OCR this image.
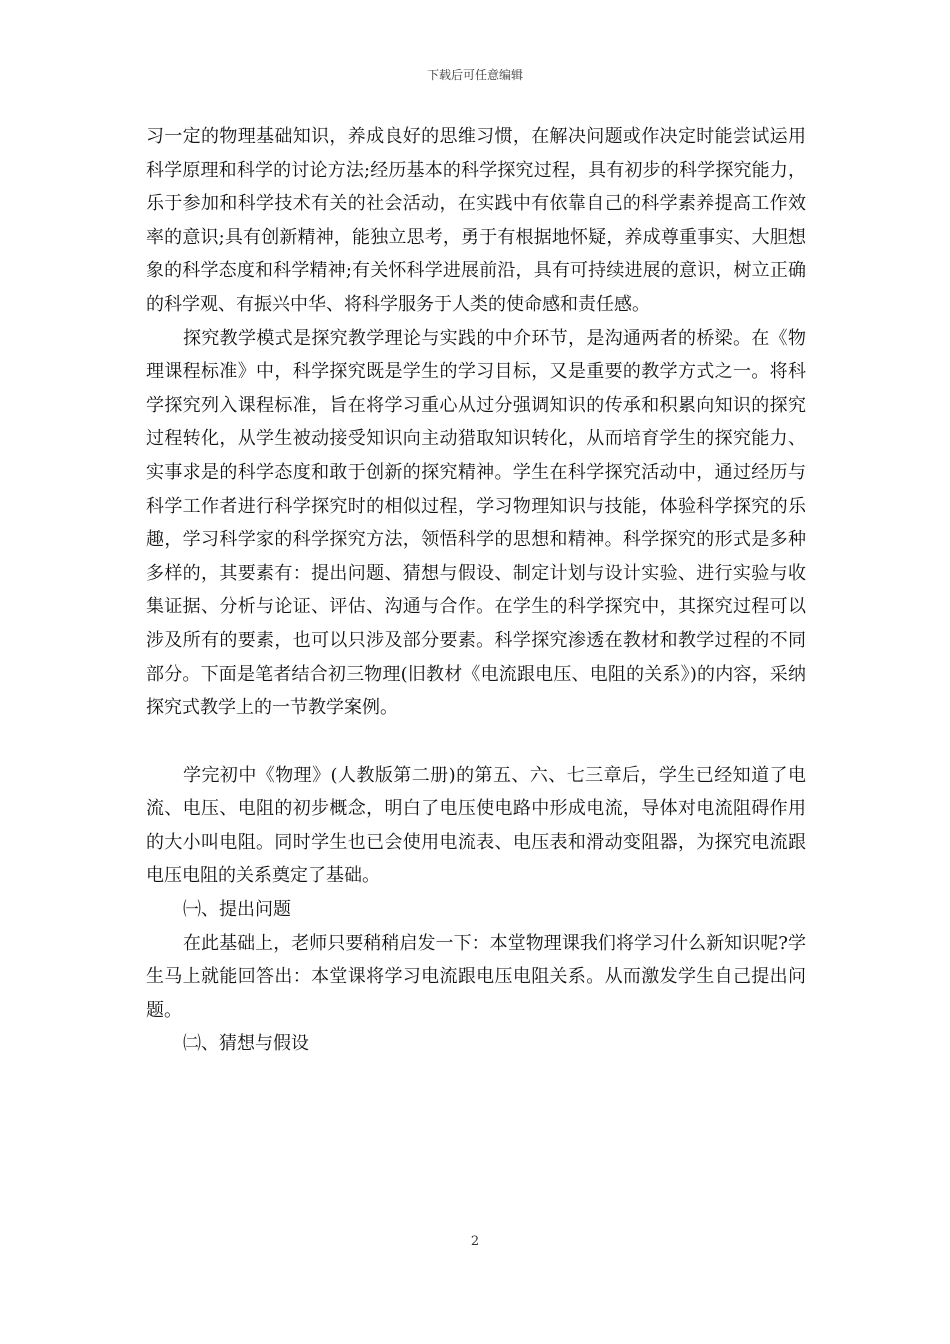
下载后可任意编辑

习一定的物理基础知识，养成良好的思维习惯，在解决问题或作决定时能尝试运用科学原理和科学的讨论方法;经历基本的科学探究过程，具有初步的科学探究能力，乐于参加和科学技术有关的社会活动，在实践中有依靠自己的科学素养提高工作效率的意识;具有创新精神，能独立思考，勇于有根据地怀疑，养成尊重事实、大胆想象的科学态度和科学精神;有关怀科学进展前沿，具有可持续进展的意识，树立正确的科学观、有振兴中华、将科学服务于人类的使命感和责任感。

探究教学模式是探究教学理论与实践的中介环节，是沟通两者的桥梁。在《物理课程标准》中，科学探究既是学生的学习目标，又是重要的教学方式之一。将科学探究列入课程标准，旨在将学习重心从过分强调知识的传承和积累向知识的探究过程转化，从学生被动接受知识向主动猎取知识转化，从而培育学生的探究能力、实事求是的科学态度和敢于创新的探究精神。学生在科学探究活动中，通过经历与科学工作者进行科学探究时的相似过程，学习物理知识与技能，体验科学探究的乐趣，学习科学家的科学探究方法，领悟科学的思想和精神。科学探究的形式是多种多样的，其要素有：提出问题、猜想与假设、制定计划与设计实验、进行实验与收集证据、分析与论证、评估、沟通与合作。在学生的科学探究中，其探究过程可以涉及所有的要素，也可以只涉及部分要素。科学探究渗透在教材和教学过程的不同部分。下面是笔者结合初三物理(旧教材《电流跟电压、电阻的关系》)的内容，采纳探究式教学上的一节教学案例。

学完初中《物理》(人教版第二册)的第五、六、七三章后，学生已经知道了电流、电压、电阻的初步概念，明白了电压使电路中形成电流，导体对电流阻碍作用的大小叫电阻。同时学生也已会使用电流表、电压表和滑动变阻器，为探究电流跟电压电阻的关系奠定了基础。

㈠、提出问题

在此基础上，老师只要稍稍启发一下：本堂物理课我们将学习什么新知识呢?学生马上就能回答出：本堂课将学习电流跟电压电阻关系。从而激发学生自己提出问题。

㈡、猜想与假设

2
